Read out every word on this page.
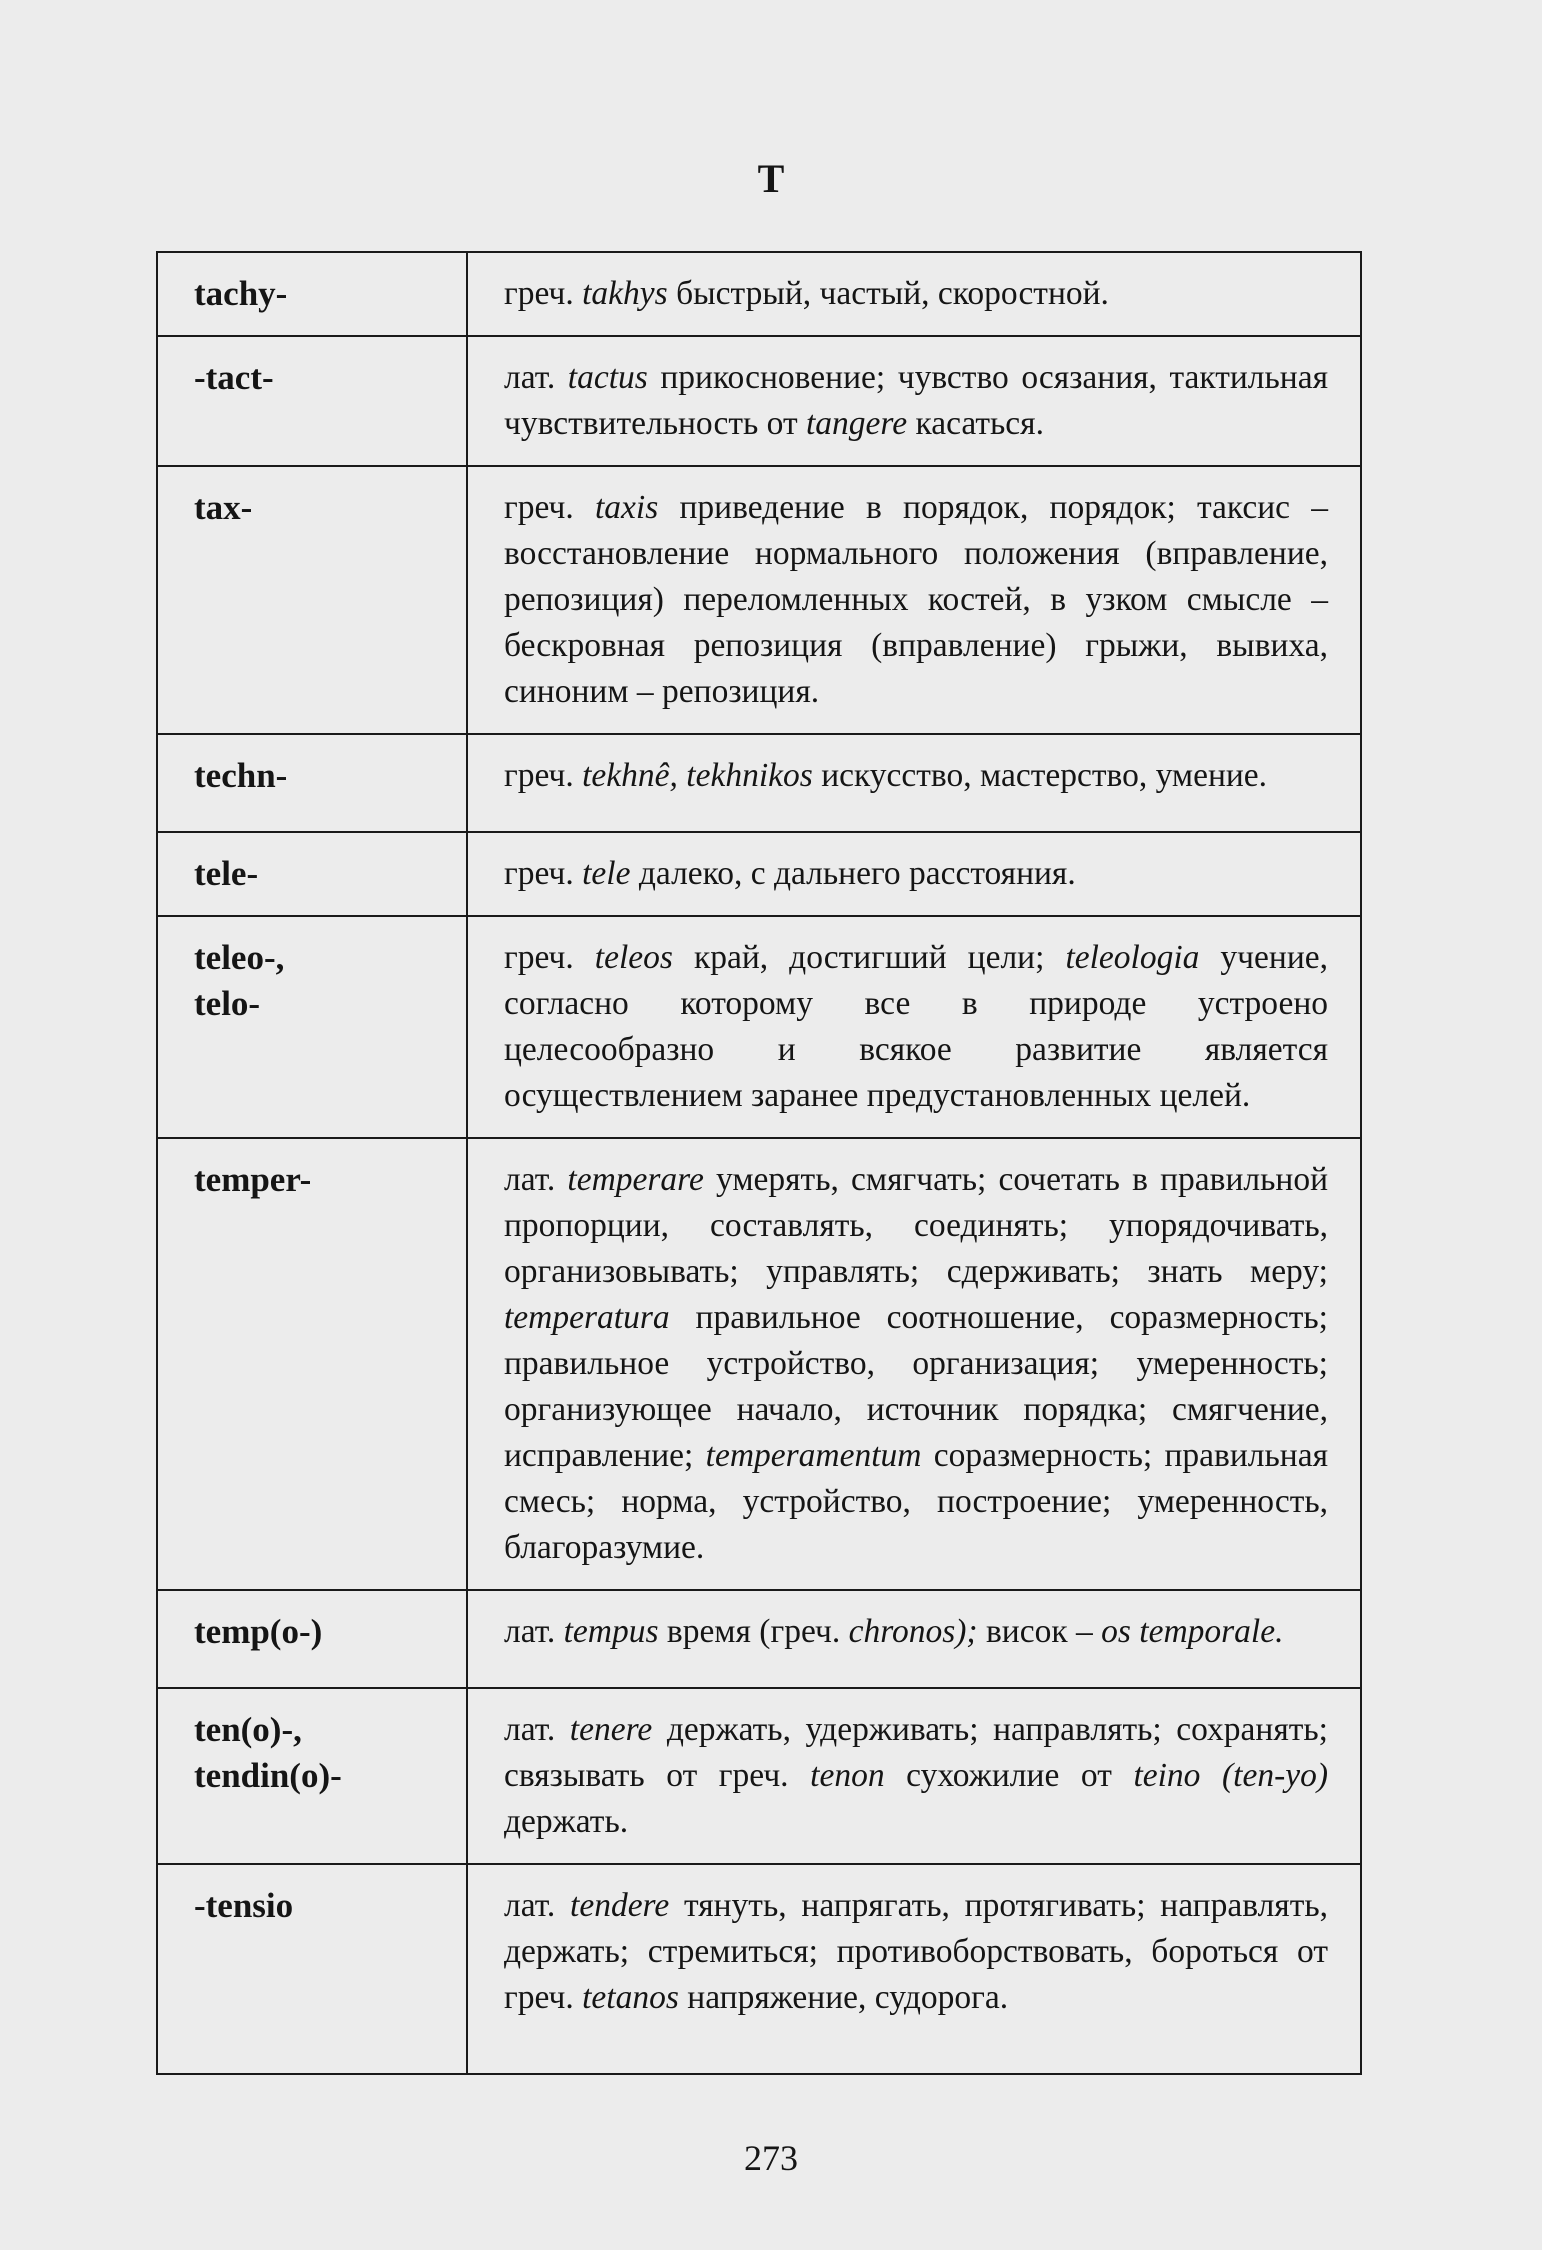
T
tachy-	греч. takhys быстрый, частый, скоростной.

-tact-	лат. tactus прикосновение; чувство осязания, тактильная чувствительность от tangere касаться.

tax-	греч. taxis приведение в порядок, порядок; таксис – восстановление нормального положения (вправление, репозиция) переломленных костей, в узком смысле – бескровная репозиция (вправление) грыжи, вывиха, синоним – репозиция.

techn-	греч. tekhnê, tekhnikos искусство, мастерство, умение.

tele-	греч. tele далеко, с дальнего расстояния.

teleo-,
telo-	греч. teleos край, достигший цели; teleologia учение, согласно которому все в природе устроено целесообразно и всякое развитие является осуществлением заранее предустановленных целей.

temper-	лат. temperare умерять, смягчать; сочетать в правильной пропорции, составлять, соединять; упорядочивать, организовывать; управлять; сдерживать; знать меру; temperatura правильное соотношение, соразмерность; правильное устройство, организация; умеренность; организующее начало, источник порядка; смягчение, исправление; temperamentum соразмерность; правильная смесь; норма, устройство, построение; умеренность, благоразумие.

temp(o-)	лат. tempus время (греч. chronos); висок – os temporale.

ten(o)-,
tendin(o)-	лат. tenere держать, удерживать; направлять; сохранять; связывать от греч. tenon сухожилие от teino (ten-yo) держать.

-tensio	лат. tendere тянуть, напрягать, протягивать; направлять, держать; стремиться; противоборствовать, бороться от греч. tetanos напряжение, судорога.
273
